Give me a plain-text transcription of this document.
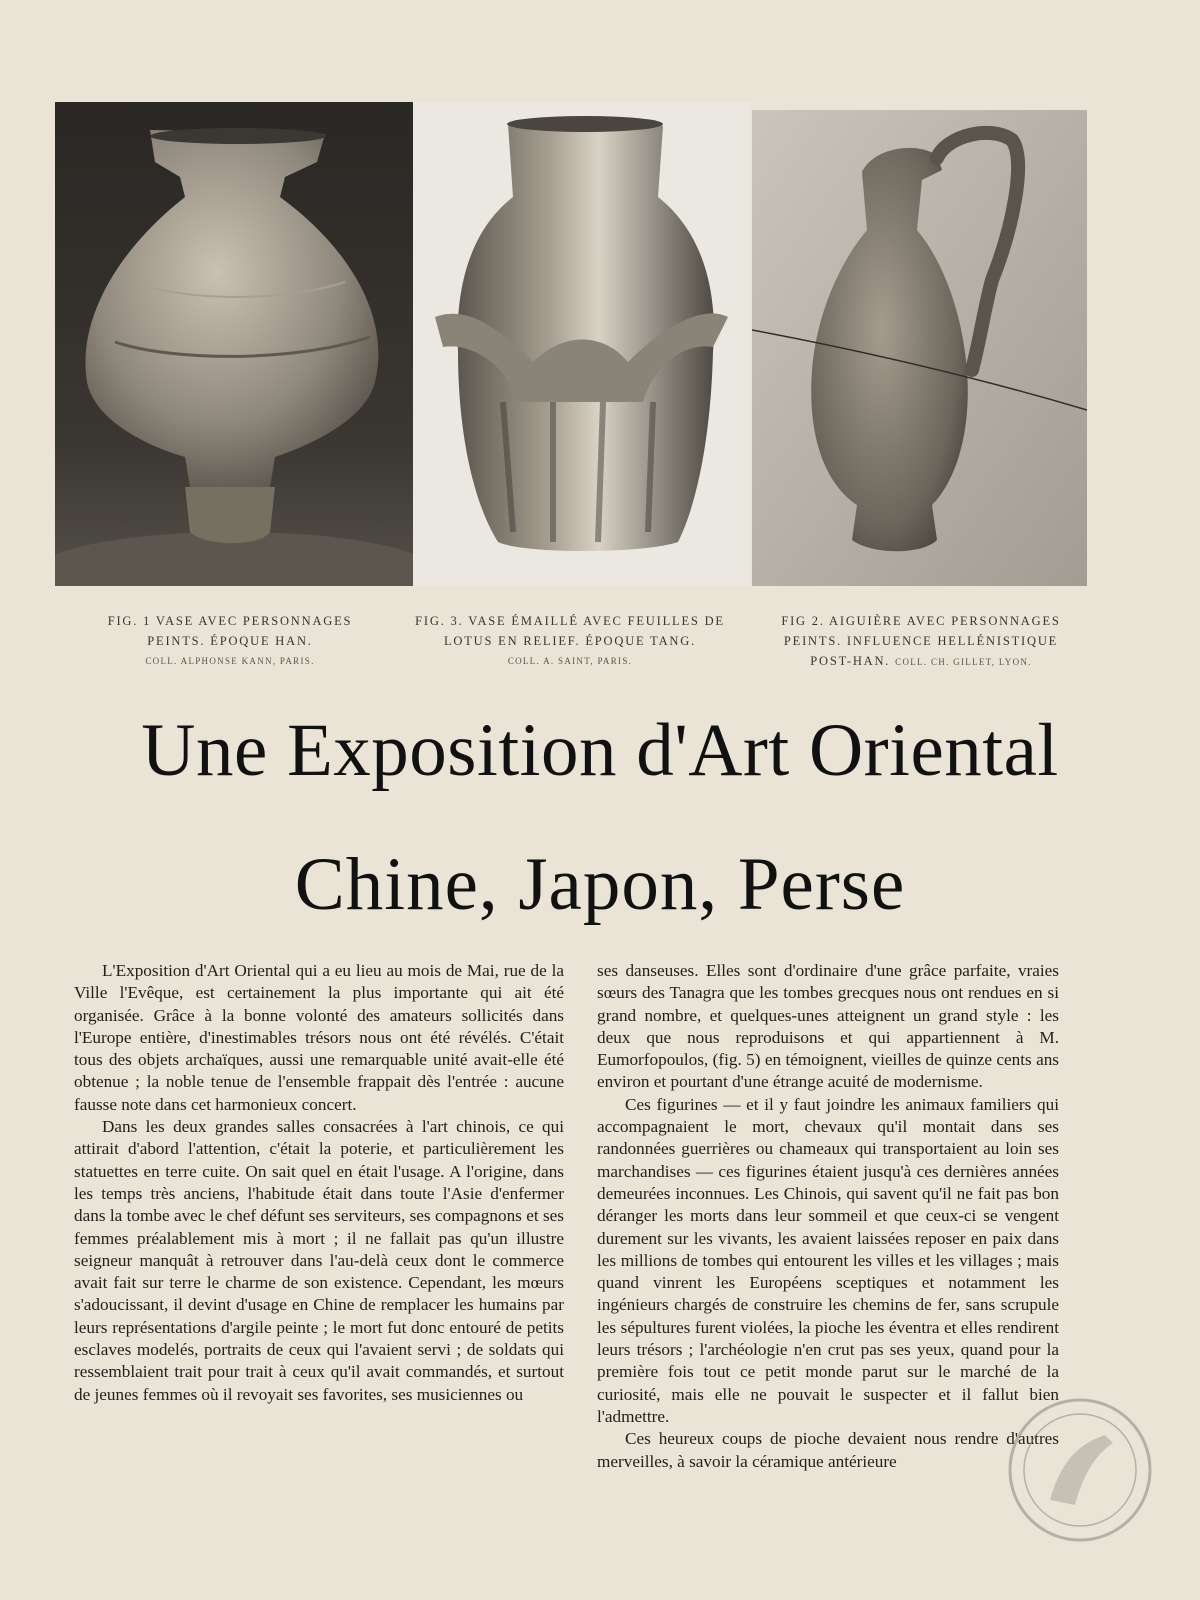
FIG. 1 VASE AVEC PERSONNAGES
PEINTS. ÉPOQUE HAN.
COLL. ALPHONSE KANN, PARIS.
FIG. 3. VASE ÉMAILLÉ AVEC FEUILLES DE
LOTUS EN RELIEF. ÉPOQUE TANG.
COLL. A. SAINT, PARIS.
FIG 2. AIGUIÈRE AVEC PERSONNAGES
PEINTS. INFLUENCE HELLÉNISTIQUE
POST-HAN. COLL. CH. GILLET, LYON.
Une Exposition d'Art Oriental
Chine, Japon, Perse

L'Exposition d'Art Oriental qui a eu lieu au mois de Mai, rue de la Ville l'Evêque, est certainement la plus importante qui ait été organisée. Grâce à la bonne volonté des amateurs sollicités dans l'Europe entière, d'inestimables trésors nous ont été révélés. C'était tous des objets archaïques, aussi une remarquable unité avait-elle été obtenue ; la noble tenue de l'ensemble frappait dès l'entrée : aucune fausse note dans cet harmonieux concert.

Dans les deux grandes salles consacrées à l'art chinois, ce qui attirait d'abord l'attention, c'était la poterie, et particulièrement les statuettes en terre cuite. On sait quel en était l'usage. A l'origine, dans les temps très anciens, l'habitude était dans toute l'Asie d'enfermer dans la tombe avec le chef défunt ses serviteurs, ses compagnons et ses femmes préalablement mis à mort ; il ne fallait pas qu'un illustre seigneur manquât à retrouver dans l'au-delà ceux dont le commerce avait fait sur terre le charme de son existence. Cependant, les mœurs s'adoucissant, il devint d'usage en Chine de remplacer les humains par leurs représentations d'argile peinte ; le mort fut donc entouré de petits esclaves modelés, portraits de ceux qui l'avaient servi ; de soldats qui ressemblaient trait pour trait à ceux qu'il avait commandés, et surtout de jeunes femmes où il revoyait ses favorites, ses musiciennes ou

ses danseuses. Elles sont d'ordinaire d'une grâce parfaite, vraies sœurs des Tanagra que les tombes grecques nous ont rendues en si grand nombre, et quelques-unes atteignent un grand style : les deux que nous reproduisons et qui appartiennent à M. Eumorfopoulos, (fig. 5) en témoignent, vieilles de quinze cents ans environ et pourtant d'une étrange acuité de modernisme.

Ces figurines — et il y faut joindre les animaux familiers qui accompagnaient le mort, chevaux qu'il montait dans ses randonnées guerrières ou chameaux qui transportaient au loin ses marchandises — ces figurines étaient jusqu'à ces dernières années demeurées inconnues. Les Chinois, qui savent qu'il ne fait pas bon déranger les morts dans leur sommeil et que ceux-ci se vengent durement sur les vivants, les avaient laissées reposer en paix dans les millions de tombes qui entourent les villes et les villages ; mais quand vinrent les Européens sceptiques et notamment les ingénieurs chargés de construire les chemins de fer, sans scrupule les sépultures furent violées, la pioche les éventra et elles rendirent leurs trésors ; l'archéologie n'en crut pas ses yeux, quand pour la première fois tout ce petit monde parut sur le marché de la curiosité, mais elle ne pouvait le suspecter et il fallut bien l'admettre.

Ces heureux coups de pioche devaient nous rendre d'autres merveilles, à savoir la céramique antérieure
